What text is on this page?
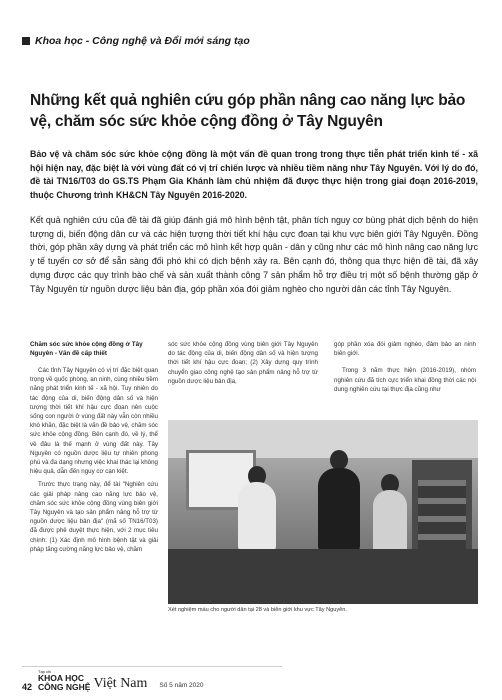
Khoa học - Công nghệ và Đổi mới sáng tạo
Những kết quả nghiên cứu góp phần nâng cao năng lực bảo vệ, chăm sóc sức khỏe cộng đồng ở Tây Nguyên

Bảo vệ và chăm sóc sức khỏe cộng đồng là một vấn đề quan trong trong thực tiễn phát triển kinh tế - xã hội hiện nay, đặc biệt là với vùng đất có vị trí chiến lược và nhiều tiềm năng như Tây Nguyên. Với lý do đó, đề tài TN16/T03 do GS.TS Phạm Gia Khánh làm chủ nhiệm đã được thực hiện trong giai đoạn 2016-2019, thuộc Chương trình KH&CN Tây Nguyên 2016-2020.

Kết quả nghiên cứu của đề tài đã giúp đánh giá mô hình bệnh tật, phân tích nguy cơ bùng phát dịch bệnh do hiện tượng di, biến động dân cư và các hiện tượng thời tiết khí hậu cực đoan tại khu vực biên giới Tây Nguyên. Đồng thời, góp phần xây dựng và phát triển các mô hình kết hợp quân - dân y cũng như các mô hình nâng cao năng lực y tế tuyến cơ sở để sẵn sàng đối phó khi có dịch bệnh xảy ra. Bên cạnh đó, thông qua thực hiện đề tài, đã xây dựng được các quy trình bào chế và sản xuất thành công 7 sản phẩm hỗ trợ điều trị một số bệnh thường gặp ở Tây Nguyên từ nguồn dược liệu bản địa, góp phần xóa đói giảm nghèo cho người dân các tỉnh Tây Nguyên.

Chăm sóc sức khỏe cộng đồng ở Tây Nguyên - Vấn đề cấp thiết

Các tỉnh Tây Nguyên có vị trí đặc biệt quan trọng về quốc phòng, an ninh, cùng nhiều tiềm năng phát triển kinh tế - xã hội. Tuy nhiên do tác động của di, biến động dân số và hiện tượng thời tiết khí hậu cực đoan nên cuộc sống con người ở vùng đất này vẫn còn nhiều khó khăn, đặc biệt là vấn đề bảo vệ, chăm sóc sức khỏe cộng đồng. Bên cạnh đó, về lý, thể về đâu là thế mạnh ở vùng đất này. Tây Nguyên có nguồn dược liệu tự nhiên phong phú và đa dạng nhưng việc khai thác lại không hiệu quả, dẫn đến nguy cơ cạn kiệt.

Trước thực trạng này, để tài "Nghiên cứu các giải pháp nâng cao năng lực bảo vệ, chăm sóc sức khỏe cộng đồng vùng biên giới Tây Nguyên và tạo sản phẩm nâng hỗ trợ từ nguồn dược liệu bản địa" (mã số TN16/T03) đã được phê duyệt thực hiện, với 2 mục tiêu chính: (1) Xác định mô hình bệnh tật và giải pháp tăng cường năng lực bảo vệ, chăm

sóc sức khỏe cộng đồng vùng biên giới Tây Nguyên do tác động của di, biến động dân số và hiện tượng thời tiết khí hậu cực đoan; (2) Xây dựng quy trình chuyển giao công nghệ tạo sản phẩm nâng hỗ trợ từ nguồn dược liệu bản địa,

góp phần xóa đói giảm nghèo, đảm bảo an ninh biên giới.

Trong 3 năm thực hiện (2016-2019), nhóm nghiên cứu đã tích cực triển khai đồng thời các nội dung nghiên cứu tại thực địa cũng như

Xét nghiệm máu cho người dân tại 28 và biên giới khu vực Tây Nguyên.
42
Tạp chí
KHOA HỌC
CÔNG NGHỆ Việt Nam Số 5 năm 2020
